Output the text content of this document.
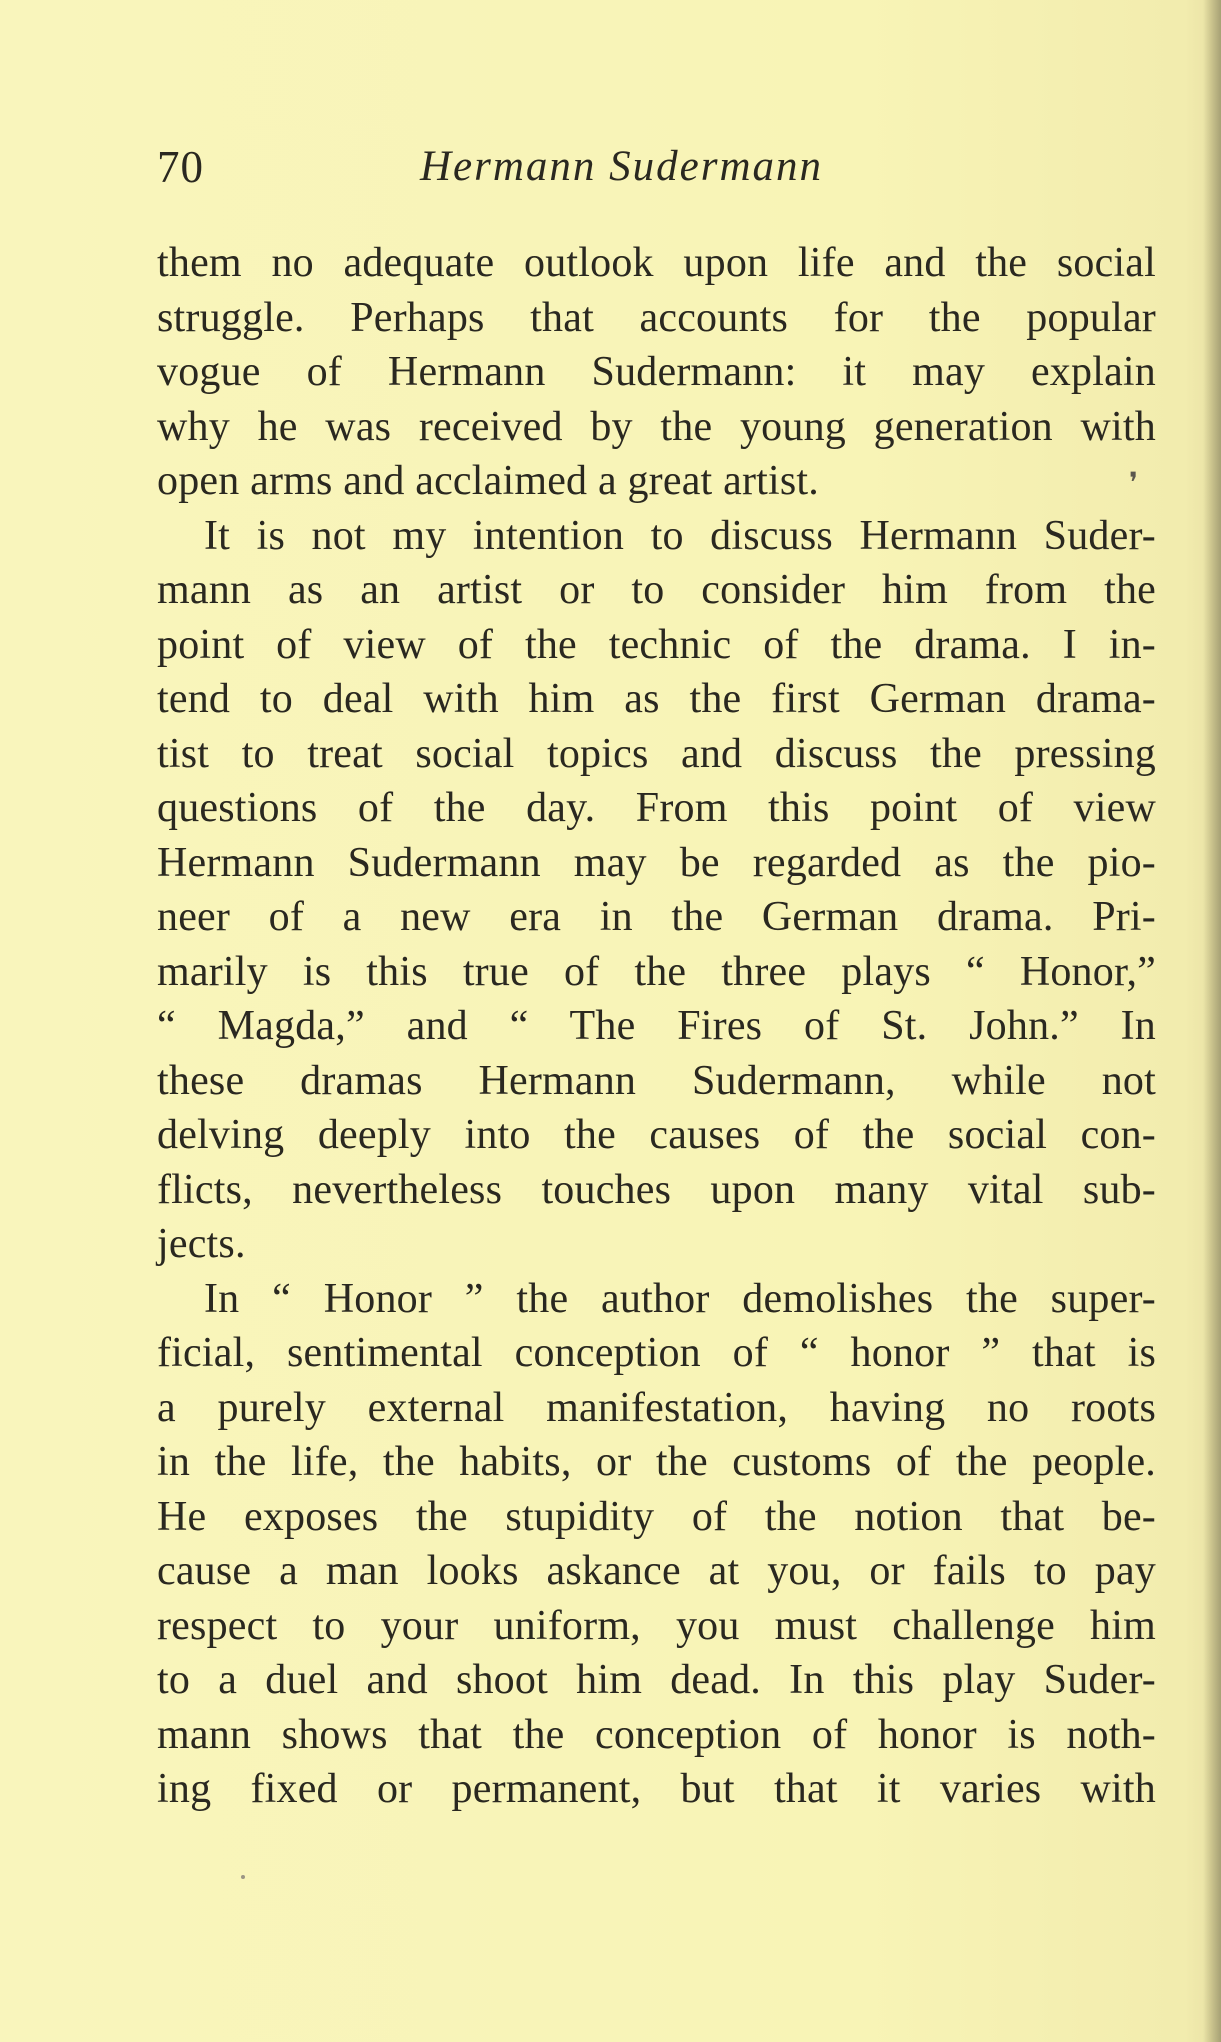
70	Hermann Sudermann
them no adequate outlook upon life and the social
struggle. Perhaps that accounts for the popular
vogue of Hermann Sudermann: it may explain
why he was received by the young generation with
open arms and acclaimed a great artist.
It is not my intention to discuss Hermann Suder-
mann as an artist or to consider him from the
point of view of the technic of the drama. I in-
tend to deal with him as the first German drama-
tist to treat social topics and discuss the pressing
questions of the day. From this point of view
Hermann Sudermann may be regarded as the pio-
neer of a new era in the German drama. Pri-
marily is this true of the three plays “ Honor,”
“ Magda,” and “ The Fires of St. John.” In
these dramas Hermann Sudermann, while not
delving deeply into the causes of the social con-
flicts, nevertheless touches upon many vital sub-
jects.
In “ Honor ” the author demolishes the super-
ficial, sentimental conception of “ honor ” that is
a purely external manifestation, having no roots
in the life, the habits, or the customs of the people.
He exposes the stupidity of the notion that be-
cause a man looks askance at you, or fails to pay
respect to your uniform, you must challenge him
to a duel and shoot him dead. In this play Suder-
mann shows that the conception of honor is noth-
ing fixed or permanent, but that it varies with
❜
